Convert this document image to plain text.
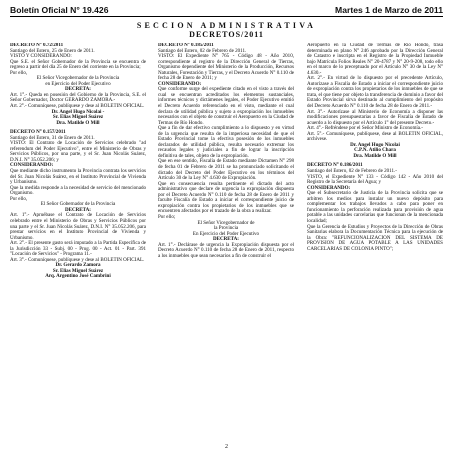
Boletín Oficial N° 19.426	Martes 1 de Marzo de 2011
SECCION ADMINISTRATIVA
DECRETOS/2011

DECRETO N° 0.72/2011

Santiago del Estero, 25 de Enero de 2011.

VISTO Y CONSIDERANDO:

Que S.E. el Señor Gobernador de la Provincia se encuentra de regreso a partir del día 25 de Enero del corriente en la Provincia;

Por ello,

El Señor Vicegobernador de la Provincia

en Ejercicio del Poder Ejecutivo

DECRETA:

Art. 1°.- Queda en posesión del Gobierno de la Provincia, S.E. el Señor Gobernador, Doctor GERARDO ZAMORA.-

Art. 2°.- Comuníquese, publíquese y dese al BOLETIN OFICIAL.

Dr. Angel Hugo Nicolai -

Sr. Elias Miguel Suárez

Dra. Matilde O Mill

DECRETO N° 0.157/2011

Santiago del Estero, 31 de Enero de 2011.

VISTO: El Contrato de Locación de Servicios celebrado "ad referendum del Poder Ejecutivo", entre el Ministerio de Obras y Servicios Públicos, por una parte, y el Sr. Juan Nicolás Suárez, D.N.I. N° 35.052.206; y

CONSIDERANDO:

Que mediante dicho instrumento la Provincia contrata los servicios del Sr. Juan Nicolás Suárez, en el Instituto Provincial de Vivienda y Urbanismo.

Que la medida responde a la necesidad de servicio del mencionado Organismo.

Por ello,

El Señor Gobernador de la Provincia

DECRETA:

Art. 1°.- Apruébase el Contrato de Locación de Servicios celebrado entre el Ministerio de Obras y Servicios Públicos por una parte y el Sr. Juan Nicolás Suárez, D.N.I. N° 35.052.206, para prestar servicios en el Instituto Provincial de Vivienda y Urbanismo.

Art. 2°.- El presente gasto será imputado a la Partida Específica de la Jurisdicción 33 - Subj. 00 - Prog. 00 - Act. 01 - Part. 391 "Locación de Servicios" - Programa 11.-

Art. 3°.- Comuníquese, publíquese y dese al BOLETIN OFICIAL.

Dr. Gerardo Zamora

Sr. Elias Miguel Suárez

Arq. Argentino José Cambrini

DECRETO N° 0.185/2011

Santiago del Estero, 02 de Febrero de 2011.

VISTO: El Expediente N° 765 - Código 48 - Año 2010, correspondiente al registro de la Dirección General de Tierras, Organismo dependiente del Ministerio de la Producción, Recursos Naturales, Forestación y Tierras, y el Decreto Acuerdo N° 0.110 de fecha 28 de Enero de 2011; y

CONSIDERANDO:

Que conforme surge del expediente citado en el visto a través del cual se encuentran acreditados los elementos sustanciales, informes técnicos y dictámenes legales, el Poder Ejecutivo emitió el Decreto Acuerdo referenciado en el visto, mediante el cual declara de utilidad pública y sujeto a expropiación los inmuebles necesarios con el objeto de construir el Aeropuerto en la Ciudad de Termas de Río Hondo.

Que a fin de dar efectivo cumplimiento a lo dispuesto y en virtud de la urgencia que resulta de la imperiosa necesidad de que el Estado Provincial tome la efectiva posesión de los inmuebles declarados de utilidad pública, resulta necesario extremar los recaudos legales y judiciales a fin de lograr la inscripción definitiva de tales, objeto de la expropiación.

Que en ese sentido, Fiscalía de Estado mediante Dictamen N° 298 de fecha 01 de Febrero de 2011 se ha pronunciado solicitando el dictado del Decreto del Poder Ejecutivo en los términos del Artículo 30 de la Ley N° 4.630 de Expropiación.

Que en consecuencia resulta pertinente el dictado del acto administrativo que declare de urgencia la expropiación dispuesta por el Decreto Acuerdo N° 0.110 de fecha 28 de Enero de 2011 y faculte Fiscalía de Estado a iniciar el correspondiente juicio de expropiación contra los propietarios de los inmuebles que se encuentren afectados por el trazado de la obra a realizar.

Por ello;

El Señor Vicegobernador de

la Provincia

En Ejercicio del Poder Ejecutivo

DECRETA:

Art. 1°.- Declárase de urgencia la Expropiación dispuesta por el Decreto Acuerdo N° 0.110 de fecha 28 de Enero de 2011, respecto a los inmuebles que sean necesarios a fin de construir el

Aeropuerto en la Ciudad de Termas de Río Hondo, trasa determinada en plano N° 246 aprobado por la Dirección General de Catastro e inscripta en el Registro de la Propiedad Inmueble bajo Matrícula Folios Reales N° 20-4787 y N° 20-9-208, todo ello en el marco de lo preceptuado por el Artículo N° 30 de la Ley N° 4.630.-

Art. 2°.- En virtud de lo dispuesto por el precedente Artículo, Autorízase a Fiscalía de Estado a iniciar el correspondiente juicio de expropiación contra los propietarios de los inmuebles de que se trata, el que tiene por objeto la transferencia de dominio a favor del Estado Provincial sirva destinado al cumplimiento del propósito del Decreto Acuerdo N° 0.110 de fecha 28 de Enero de 2011.-

Art. 3°.- Autorízase al Ministerio de Economía a disponer las modificaciones presupuestarias a favor de Fiscalía de Estado de acuerdo a lo dispuesto por el Artículo 1° del presente Decreto.-

Art. 4°.- Refréndese por el Señor Ministro de Economía.-

Art. 5°.- Comuníquese, publíquese, dese al BOLETIN OFICIAL, archívese.

Dr. Angel Hugo Nicolai

C.P.N. Atilio Chara

Dra. Matilde O Mill

DECRETO N° 0.186/2011

Santiago del Estero, 02 de Febrero de 2011.-

VISTO, el Expediente N° 133 - Código 142 - Año 2010 del Registro de la Secretaría del Agua; y

CONSIDERANDO:

Que el Subsecretario de Justicia de la Provincia solicita que se arbitren los medios para instalar un nuevo depósito para complementar los trabajos llevados a cabo para poner en funcionamiento la perforación realizada para provisión de agua potable a las unidades carcelarias que funcionan de la mencionada localidad;

Que la Gerencia de Estudios y Proyectos de la Dirección de Obras Sanitarias elabora la Documentación Técnica para la ejecución de la Obra: "REFUNCIONALIZACION DEL SISTEMA DE PROVISION DE AGUA POTABLE A LAS UNIDADES CARCELARIAS DE COLONIA PINTO";

2
